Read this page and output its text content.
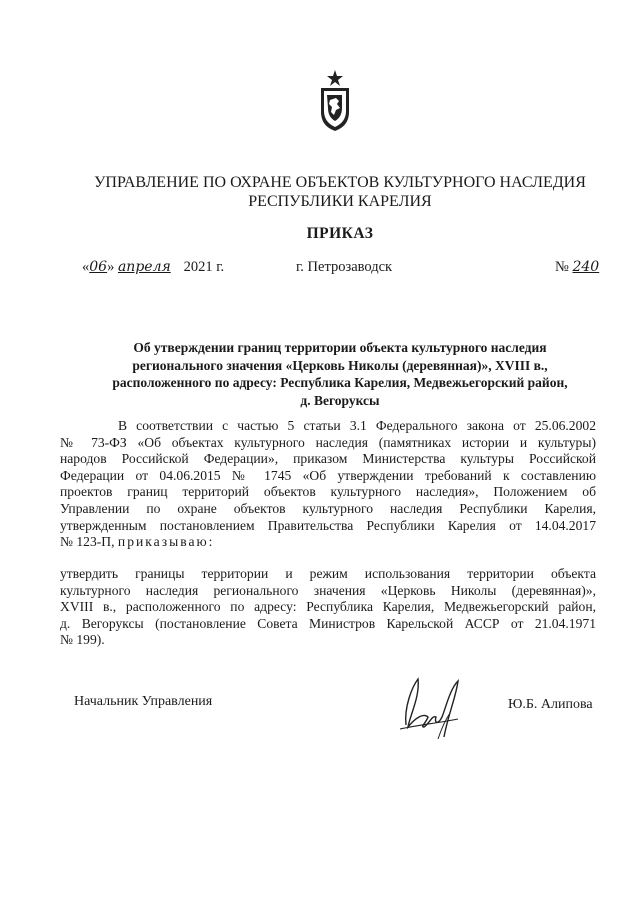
УПРАВЛЕНИЕ ПО ОХРАНЕ ОБЪЕКТОВ КУЛЬТУРНОГО НАСЛЕДИЯ
РЕСПУБЛИКИ КАРЕЛИЯ
ПРИКАЗ
«06» апреля 2021 г.	г. Петрозаводск	№ 240
Об утверждении границ территории объекта культурного наследия
регионального значения «Церковь Николы (деревянная)», XVIII в.,
расположенного по адресу: Республика Карелия, Медвежьегорский район,
д. Вегоруксы
В соответствии с частью 5 статьи 3.1 Федерального закона от 25.06.2002
№ 73-ФЗ «Об объектах культурного наследия (памятниках истории и культуры)
народов Российской Федерации», приказом Министерства культуры Российской
Федерации от 04.06.2015 № 1745 «Об утверждении требований к составлению
проектов границ территорий объектов культурного наследия», Положением об
Управлении по охране объектов культурного наследия Республики Карелия,
утвержденным постановлением Правительства Республики Карелия от 14.04.2017
№ 123-П, приказываю:
утвердить границы территории и режим использования территории объекта
культурного наследия регионального значения «Церковь Николы (деревянная)»,
XVIII в., расположенного по адресу: Республика Карелия, Медвежьегорский район,
д. Вегоруксы (постановление Совета Министров Карельской АССР от 21.04.1971
№ 199).
Начальник Управления	Ю.Б. Алипова
